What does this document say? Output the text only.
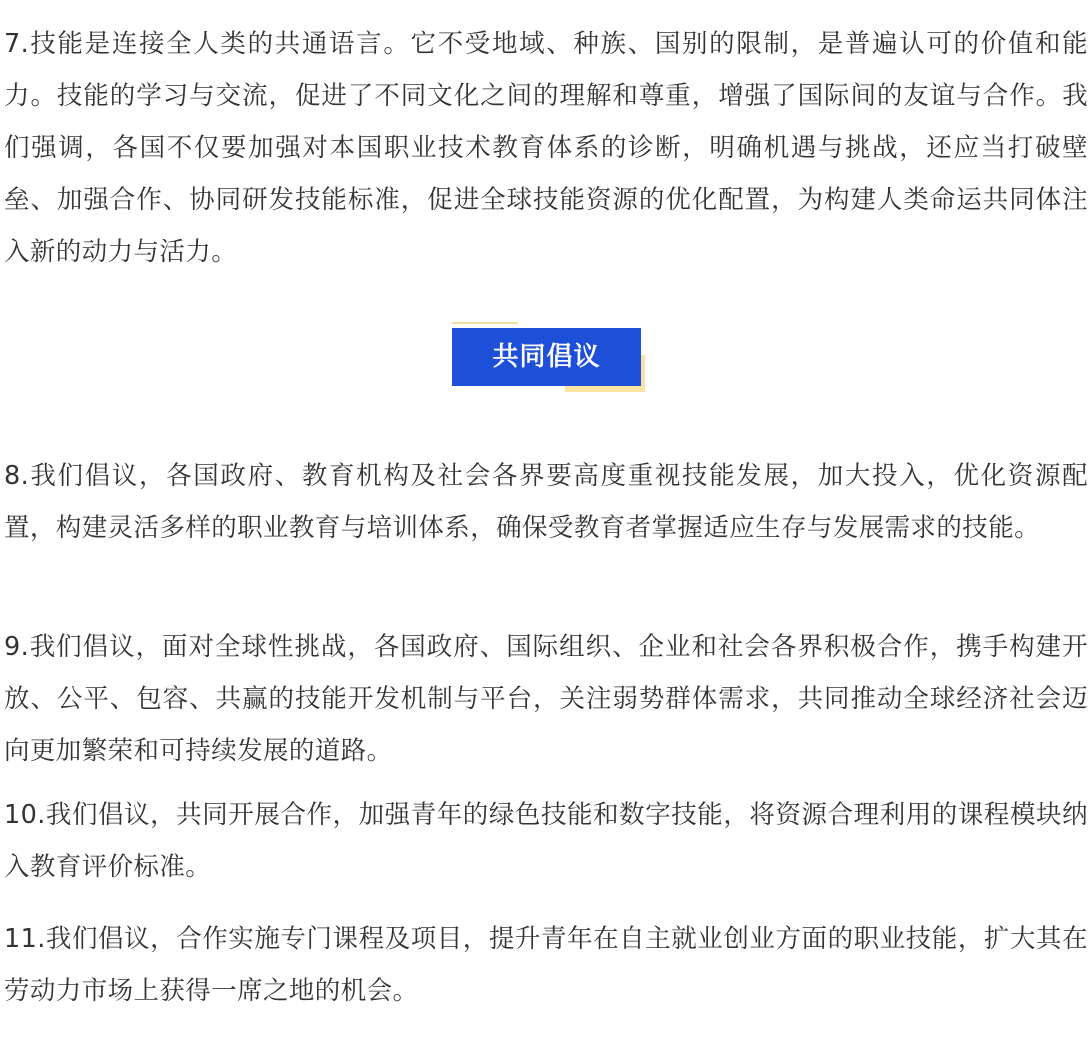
7.技能是连接全人类的共通语言。它不受地域、种族、国别的限制，是普遍认可的价值和能力。技能的学习与交流，促进了不同文化之间的理解和尊重，增强了国际间的友谊与合作。我们强调，各国不仅要加强对本国职业技术教育体系的诊断，明确机遇与挑战，还应当打破壁垒、加强合作、协同研发技能标准，促进全球技能资源的优化配置，为构建人类命运共同体注入新的动力与活力。

共同倡议

8.我们倡议，各国政府、教育机构及社会各界要高度重视技能发展，加大投入，优化资源配置，构建灵活多样的职业教育与培训体系，确保受教育者掌握适应生存与发展需求的技能。

9.我们倡议，面对全球性挑战，各国政府、国际组织、企业和社会各界积极合作，携手构建开放、公平、包容、共赢的技能开发机制与平台，关注弱势群体需求，共同推动全球经济社会迈向更加繁荣和可持续发展的道路。

10.我们倡议，共同开展合作，加强青年的绿色技能和数字技能，将资源合理利用的课程模块纳入教育评价标准。

11.我们倡议，合作实施专门课程及项目，提升青年在自主就业创业方面的职业技能，扩大其在劳动力市场上获得一席之地的机会。
